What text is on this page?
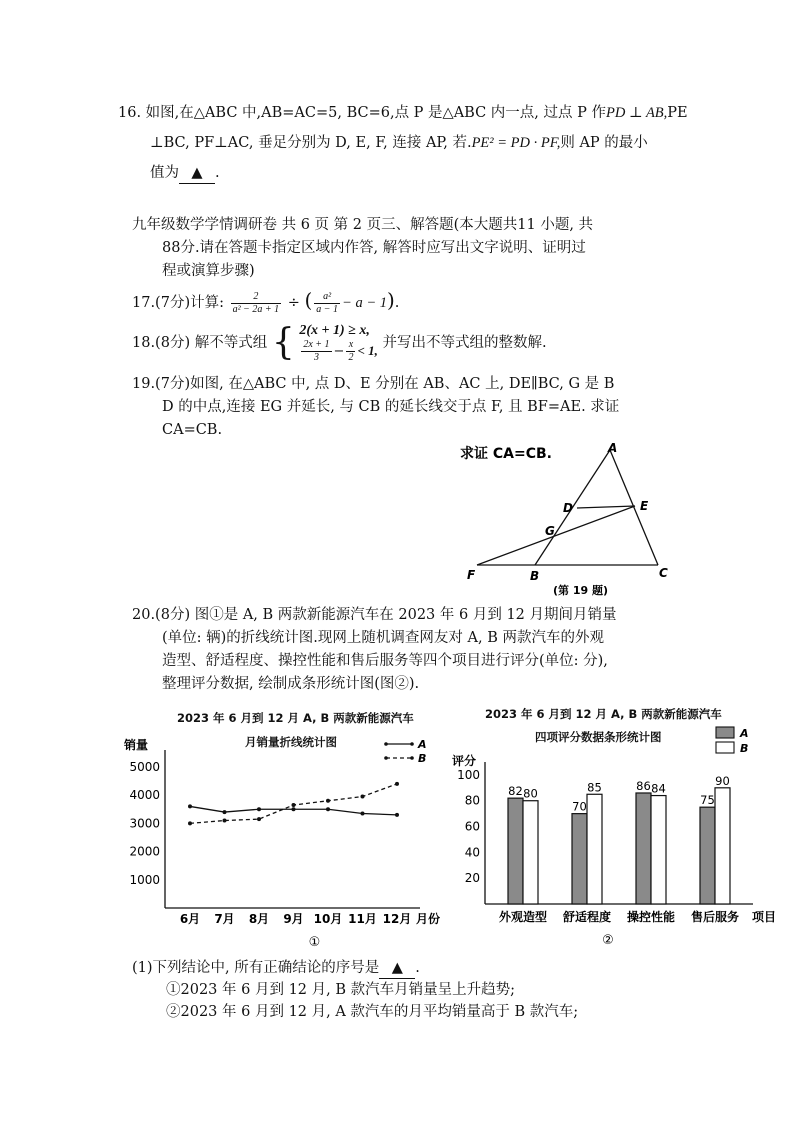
16. 如图,在△ABC 中,AB=AC=5, BC=6,点 P 是△ABC 内一点, 过点 P 作PD ⊥ AB,PE
⊥BC, PF⊥AC, 垂足分别为 D, E, F, 连接 AP, 若.PE² = PD · PF,则 AP 的最小
值为 ▲ .
九年级数学学情调研卷 共 6 页 第 2 页三、解答题(本大题共11 小题, 共
88分.请在答题卡指定区域内作答, 解答时应写出文字说明、证明过
程或演算步骤)
17.(7分)计算: $\frac{2}{\text{a² − 2a + 1}}$ ÷ ( $\frac{\text{a²}}{a - 1} - a - 1$).
18.(8分) 解不等式组 { 2(x + 1) ≥ x,
$\frac{2x + 1}{3} - \frac{x}{2} < 1$, 并写出不等式组的整数解.
19.(7分)如图, 在△ABC 中, 点 D、E 分别在 AB、AC 上, DE∥BC, G 是 B
D 的中点,连接 EG 并延长, 与 CB 的延长线交于点 F, 且 BF=AE. 求证
CA=CB.
求证 CA=CB.	A
D	E
G
F	B	C
(第 19 题)
20.(8分) 图①是 A, B 两款新能源汽车在 2023 年 6 月到 12 月期间月销量
(单位: 辆)的折线统计图.现网上随机调查网友对 A, B 两款汽车的外观
造型、舒适程度、操控性能和售后服务等四个项目进行评分(单位: 分),
整理评分数据, 绘制成条形统计图(图②).
2023 年 6 月到 12 月 A, B 两款新能源汽车
月销量折线统计图
销量
月份
1000
2000
3000
4000
5000
6月 7月 8月 9月 10月 11月 12月
A
B
①
2023 年 6 月到 12 月 A, B 两款新能源汽车
四项评分数据条形统计图
评分
项目
20
40
60
80
100
82 80
外观造型
70
85
舒适程度
86 84
操控性能
75
90
售后服务
A
B
②
(1)下列结论中, 所有正确结论的序号是 ▲ .
①2023 年 6 月到 12 月, B 款汽车月销量呈上升趋势;
②2023 年 6 月到 12 月, A 款汽车的月平均销量高于 B 款汽车;
